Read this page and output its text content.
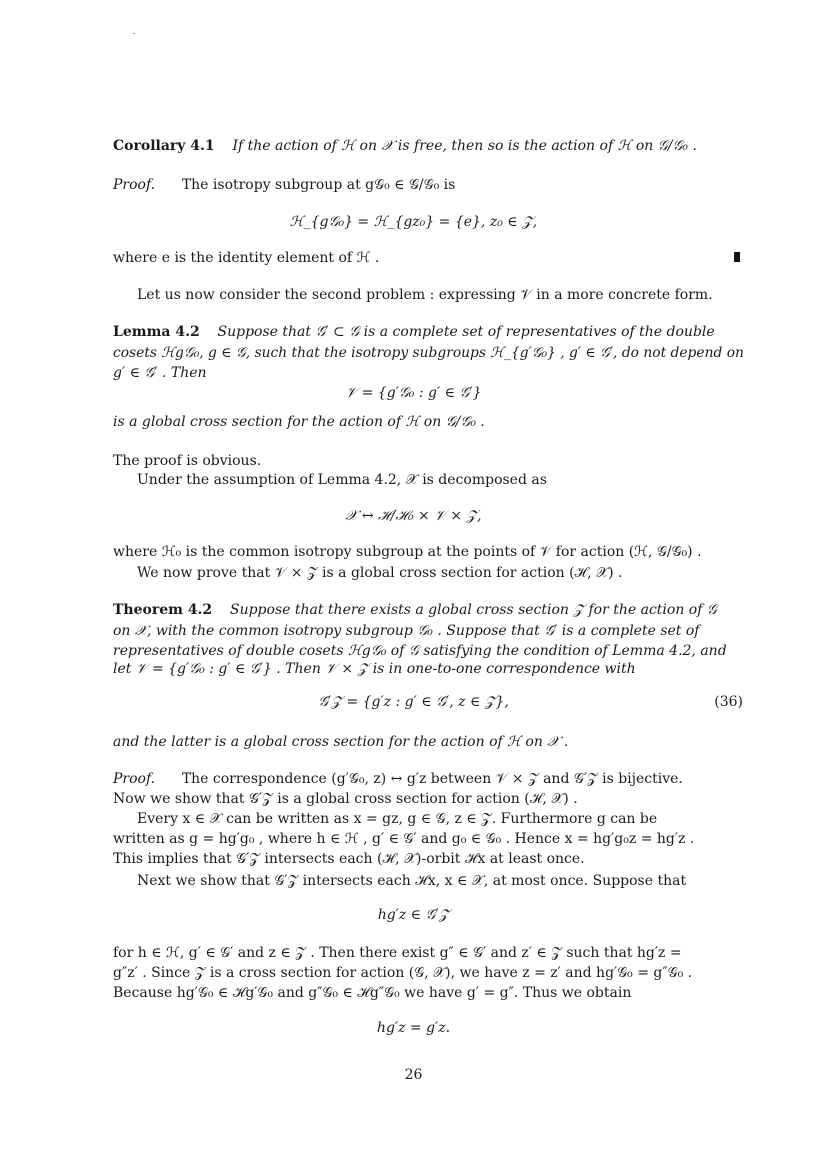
Corollary 4.1 If the action of ℋ on 𝒳 is free, then so is the action of ℋ on 𝒢/𝒢₀ .
Proof. The isotropy subgroup at g𝒢₀ ∈ 𝒢/𝒢₀ is
ℋ_{g𝒢₀} = ℋ_{gz₀} = {e}, z₀ ∈ 𝒵,
where e is the identity element of ℋ .
Let us now consider the second problem : expressing 𝒱 in a more concrete form.
Lemma 4.2 Suppose that 𝒢′ ⊂ 𝒢 is a complete set of representatives of the double
cosets ℋg𝒢₀, g ∈ 𝒢, such that the isotropy subgroups ℋ_{g′𝒢₀} , g′ ∈ 𝒢′, do not depend on
g′ ∈ 𝒢′ . Then
𝒱 = {g′𝒢₀ : g′ ∈ 𝒢′}
is a global cross section for the action of ℋ on 𝒢/𝒢₀ .
The proof is obvious.
Under the assumption of Lemma 4.2, 𝒳 is decomposed as
𝒳 ↔ ℋ/ℋ₀ × 𝒱 × 𝒵,
where ℋ₀ is the common isotropy subgroup at the points of 𝒱 for action (ℋ, 𝒢/𝒢₀) .
We now prove that 𝒱 × 𝒵 is a global cross section for action (ℋ, 𝒳) .
Theorem 4.2 Suppose that there exists a global cross section 𝒵 for the action of 𝒢
on 𝒳, with the common isotropy subgroup 𝒢₀ . Suppose that 𝒢′ is a complete set of
representatives of double cosets ℋg𝒢₀ of 𝒢 satisfying the condition of Lemma 4.2, and
let 𝒱 = {g′𝒢₀ : g′ ∈ 𝒢′} . Then 𝒱 × 𝒵 is in one-to-one correspondence with
𝒢′𝒵 = {g′z : g′ ∈ 𝒢′, z ∈ 𝒵},	(36)
and the latter is a global cross section for the action of ℋ on 𝒳 .
Proof. The correspondence (g′𝒢₀, z) ↔ g′z between 𝒱 × 𝒵 and 𝒢′𝒵 is bijective.
Now we show that 𝒢′𝒵 is a global cross section for action (ℋ, 𝒳) .
Every x ∈ 𝒳 can be written as x = gz, g ∈ 𝒢, z ∈ 𝒵. Furthermore g can be
written as g = hg′g₀ , where h ∈ ℋ , g′ ∈ 𝒢′ and g₀ ∈ 𝒢₀ . Hence x = hg′g₀z = hg′z .
This implies that 𝒢′𝒵 intersects each (ℋ, 𝒳)-orbit ℋx at least once.
Next we show that 𝒢′𝒵 intersects each ℋx, x ∈ 𝒳, at most once. Suppose that
hg′z ∈ 𝒢′𝒵
for h ∈ ℋ, g′ ∈ 𝒢′ and z ∈ 𝒵 . Then there exist g″ ∈ 𝒢′ and z′ ∈ 𝒵 such that hg′z =
g″z′ . Since 𝒵 is a cross section for action (𝒢, 𝒳), we have z = z′ and hg′𝒢₀ = g″𝒢₀ .
Because hg′𝒢₀ ∈ ℋg′𝒢₀ and g″𝒢₀ ∈ ℋg″𝒢₀ we have g′ = g″. Thus we obtain
hg′z = g′z.
26
